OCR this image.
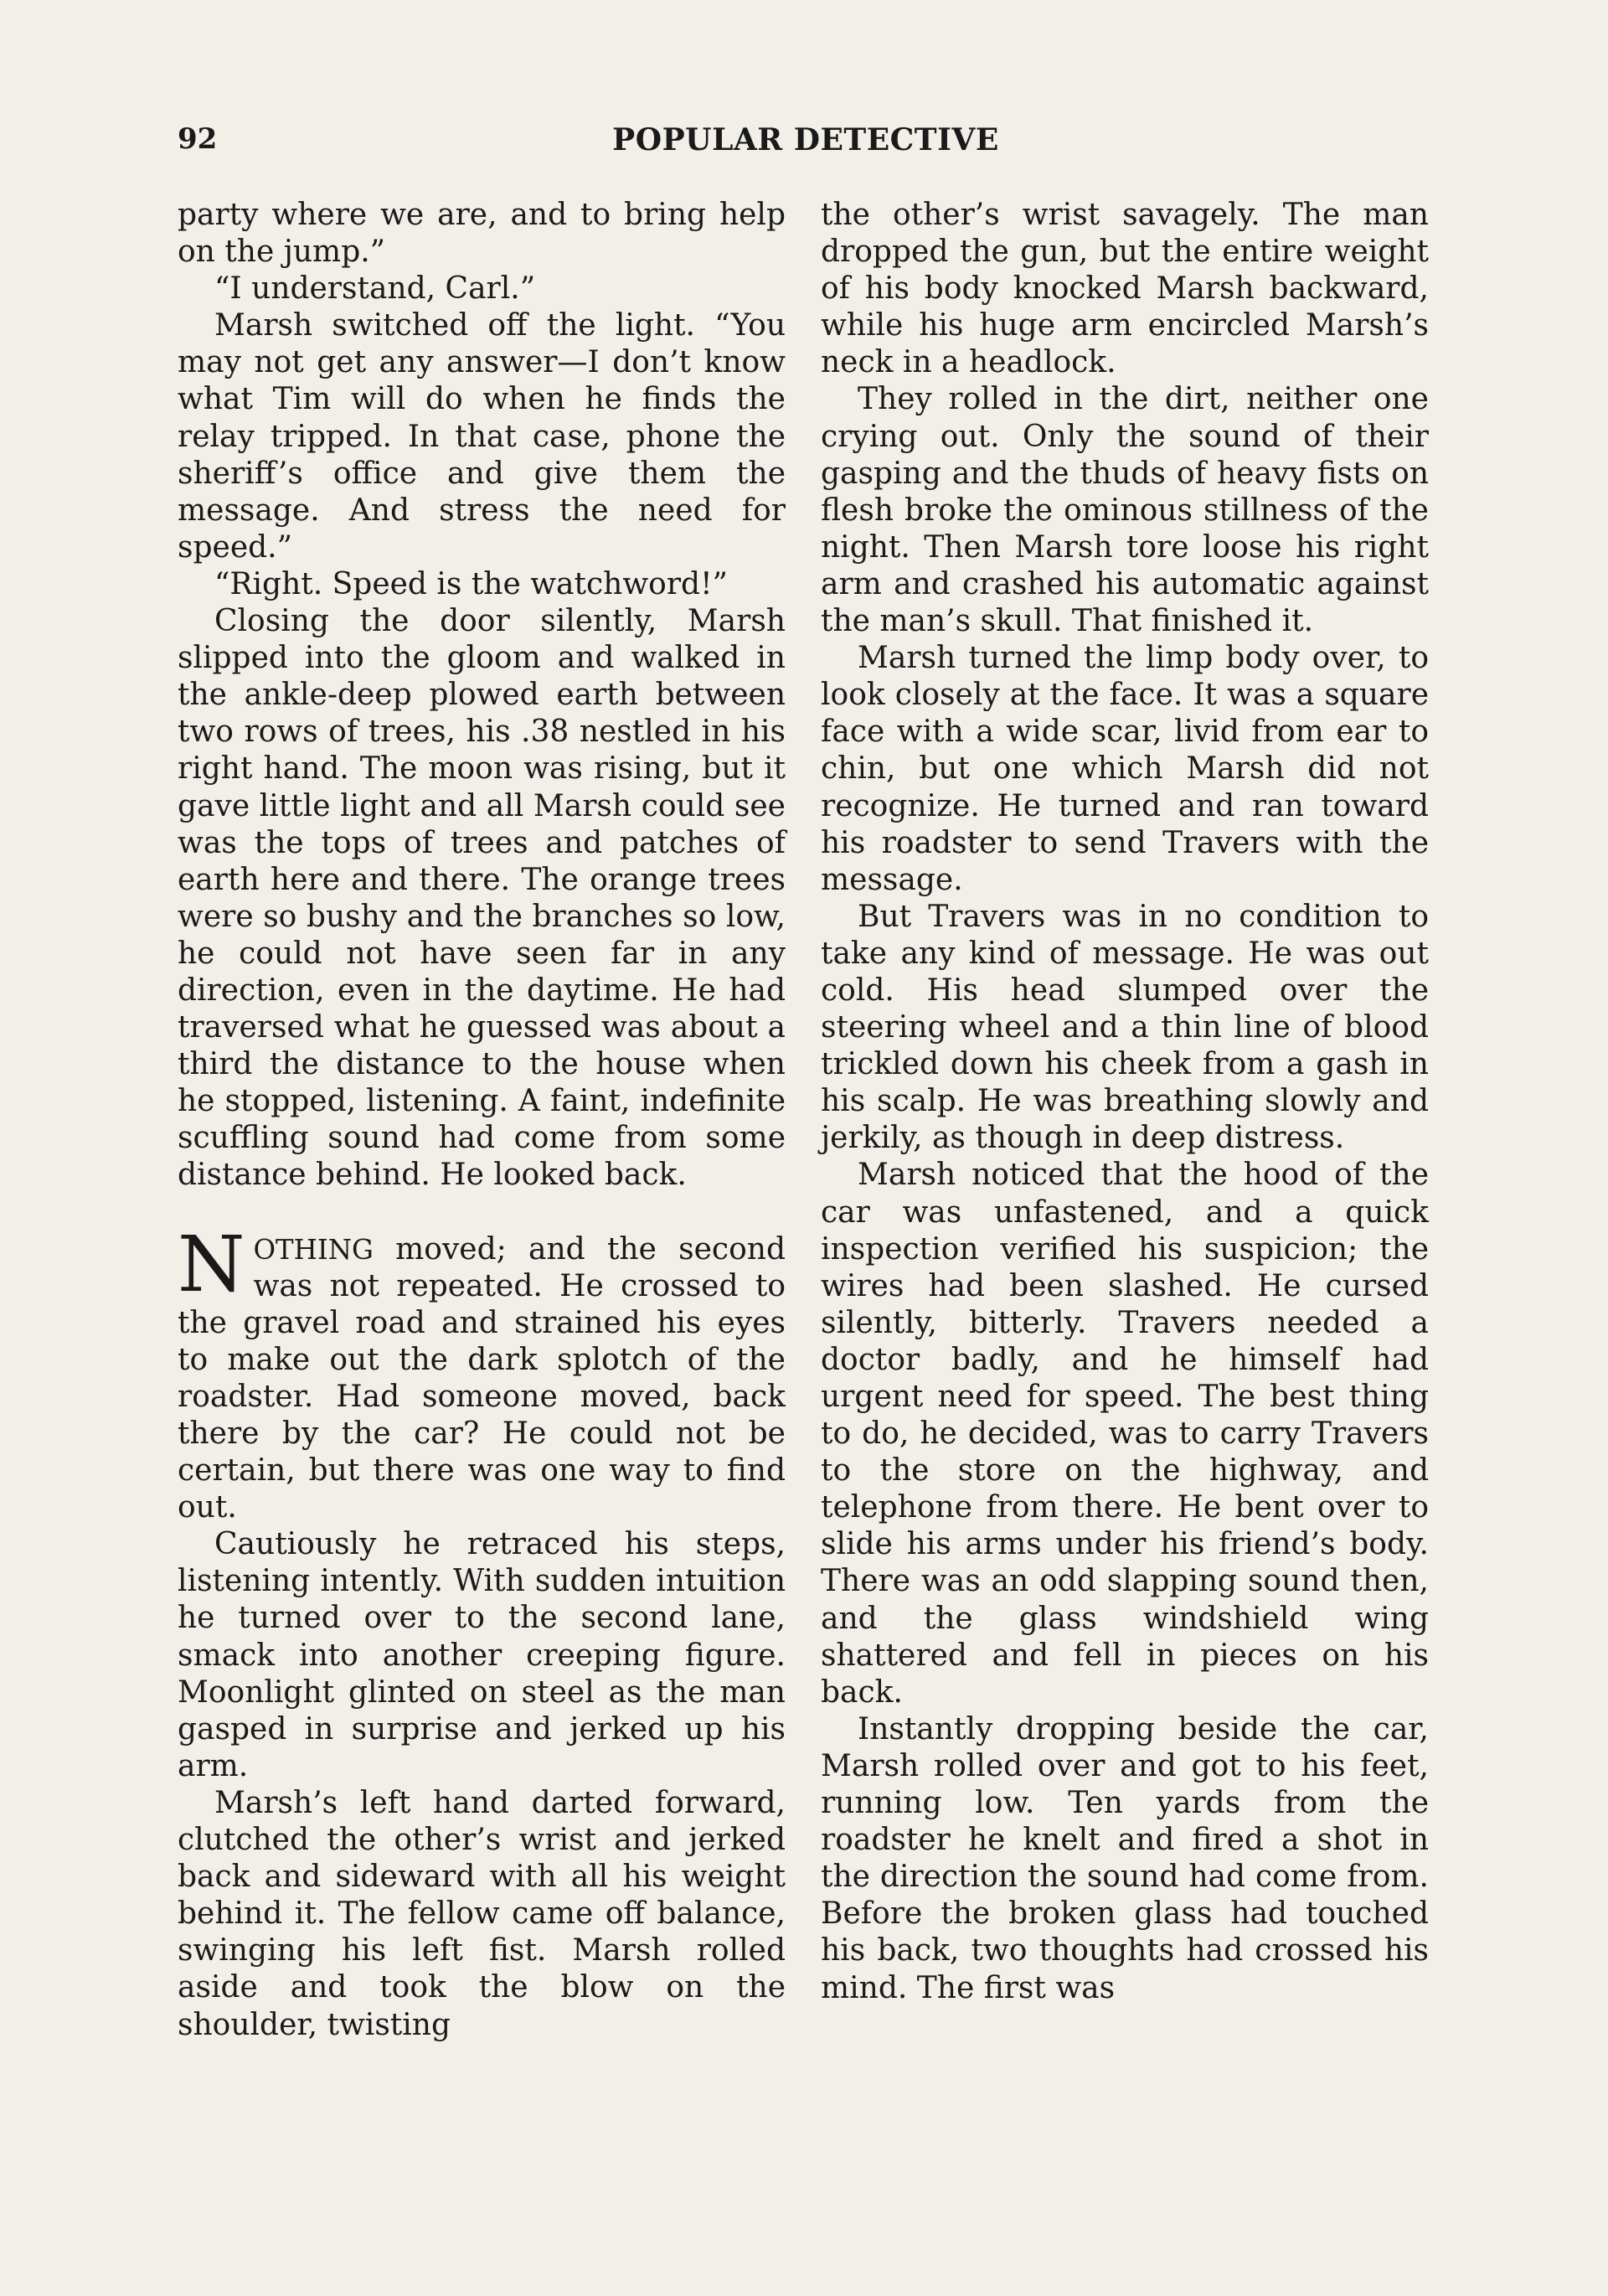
92	POPULAR DETECTIVE

party where we are, and to bring help on the jump.”

“I understand, Carl.”

Marsh switched off the light. “You may not get any answer—I don’t know what Tim will do when he finds the relay tripped. In that case, phone the sheriff’s office and give them the message. And stress the need for speed.”

“Right. Speed is the watchword!”

Closing the door silently, Marsh slipped into the gloom and walked in the ankle-deep plowed earth between two rows of trees, his .38 nestled in his right hand. The moon was rising, but it gave little light and all Marsh could see was the tops of trees and patches of earth here and there. The orange trees were so bushy and the branches so low, he could not have seen far in any direction, even in the daytime. He had traversed what he guessed was about a third the distance to the house when he stopped, listening. A faint, indefinite scuffling sound had come from some distance behind. He looked back.

NOTHING moved; and the second was not repeated. He crossed to the gravel road and strained his eyes to make out the dark splotch of the roadster. Had someone moved, back there by the car? He could not be certain, but there was one way to find out.

Cautiously he retraced his steps, listening intently. With sudden intuition he turned over to the second lane, smack into another creeping figure. Moonlight glinted on steel as the man gasped in surprise and jerked up his arm.

Marsh’s left hand darted forward, clutched the other’s wrist and jerked back and sideward with all his weight behind it. The fellow came off balance, swinging his left fist. Marsh rolled aside and took the blow on the shoulder, twisting

the other’s wrist savagely. The man dropped the gun, but the entire weight of his body knocked Marsh backward, while his huge arm encircled Marsh’s neck in a headlock.

They rolled in the dirt, neither one crying out. Only the sound of their gasping and the thuds of heavy fists on flesh broke the ominous stillness of the night. Then Marsh tore loose his right arm and crashed his automatic against the man’s skull. That finished it.

Marsh turned the limp body over, to look closely at the face. It was a square face with a wide scar, livid from ear to chin, but one which Marsh did not recognize. He turned and ran toward his roadster to send Travers with the message.

But Travers was in no condition to take any kind of message. He was out cold. His head slumped over the steering wheel and a thin line of blood trickled down his cheek from a gash in his scalp. He was breathing slowly and jerkily, as though in deep distress.

Marsh noticed that the hood of the car was unfastened, and a quick inspection verified his suspicion; the wires had been slashed. He cursed silently, bitterly. Travers needed a doctor badly, and he himself had urgent need for speed. The best thing to do, he decided, was to carry Travers to the store on the highway, and telephone from there. He bent over to slide his arms under his friend’s body. There was an odd slapping sound then, and the glass windshield wing shattered and fell in pieces on his back.

Instantly dropping beside the car, Marsh rolled over and got to his feet, running low. Ten yards from the roadster he knelt and fired a shot in the direction the sound had come from. Before the broken glass had touched his back, two thoughts had crossed his mind. The first was
